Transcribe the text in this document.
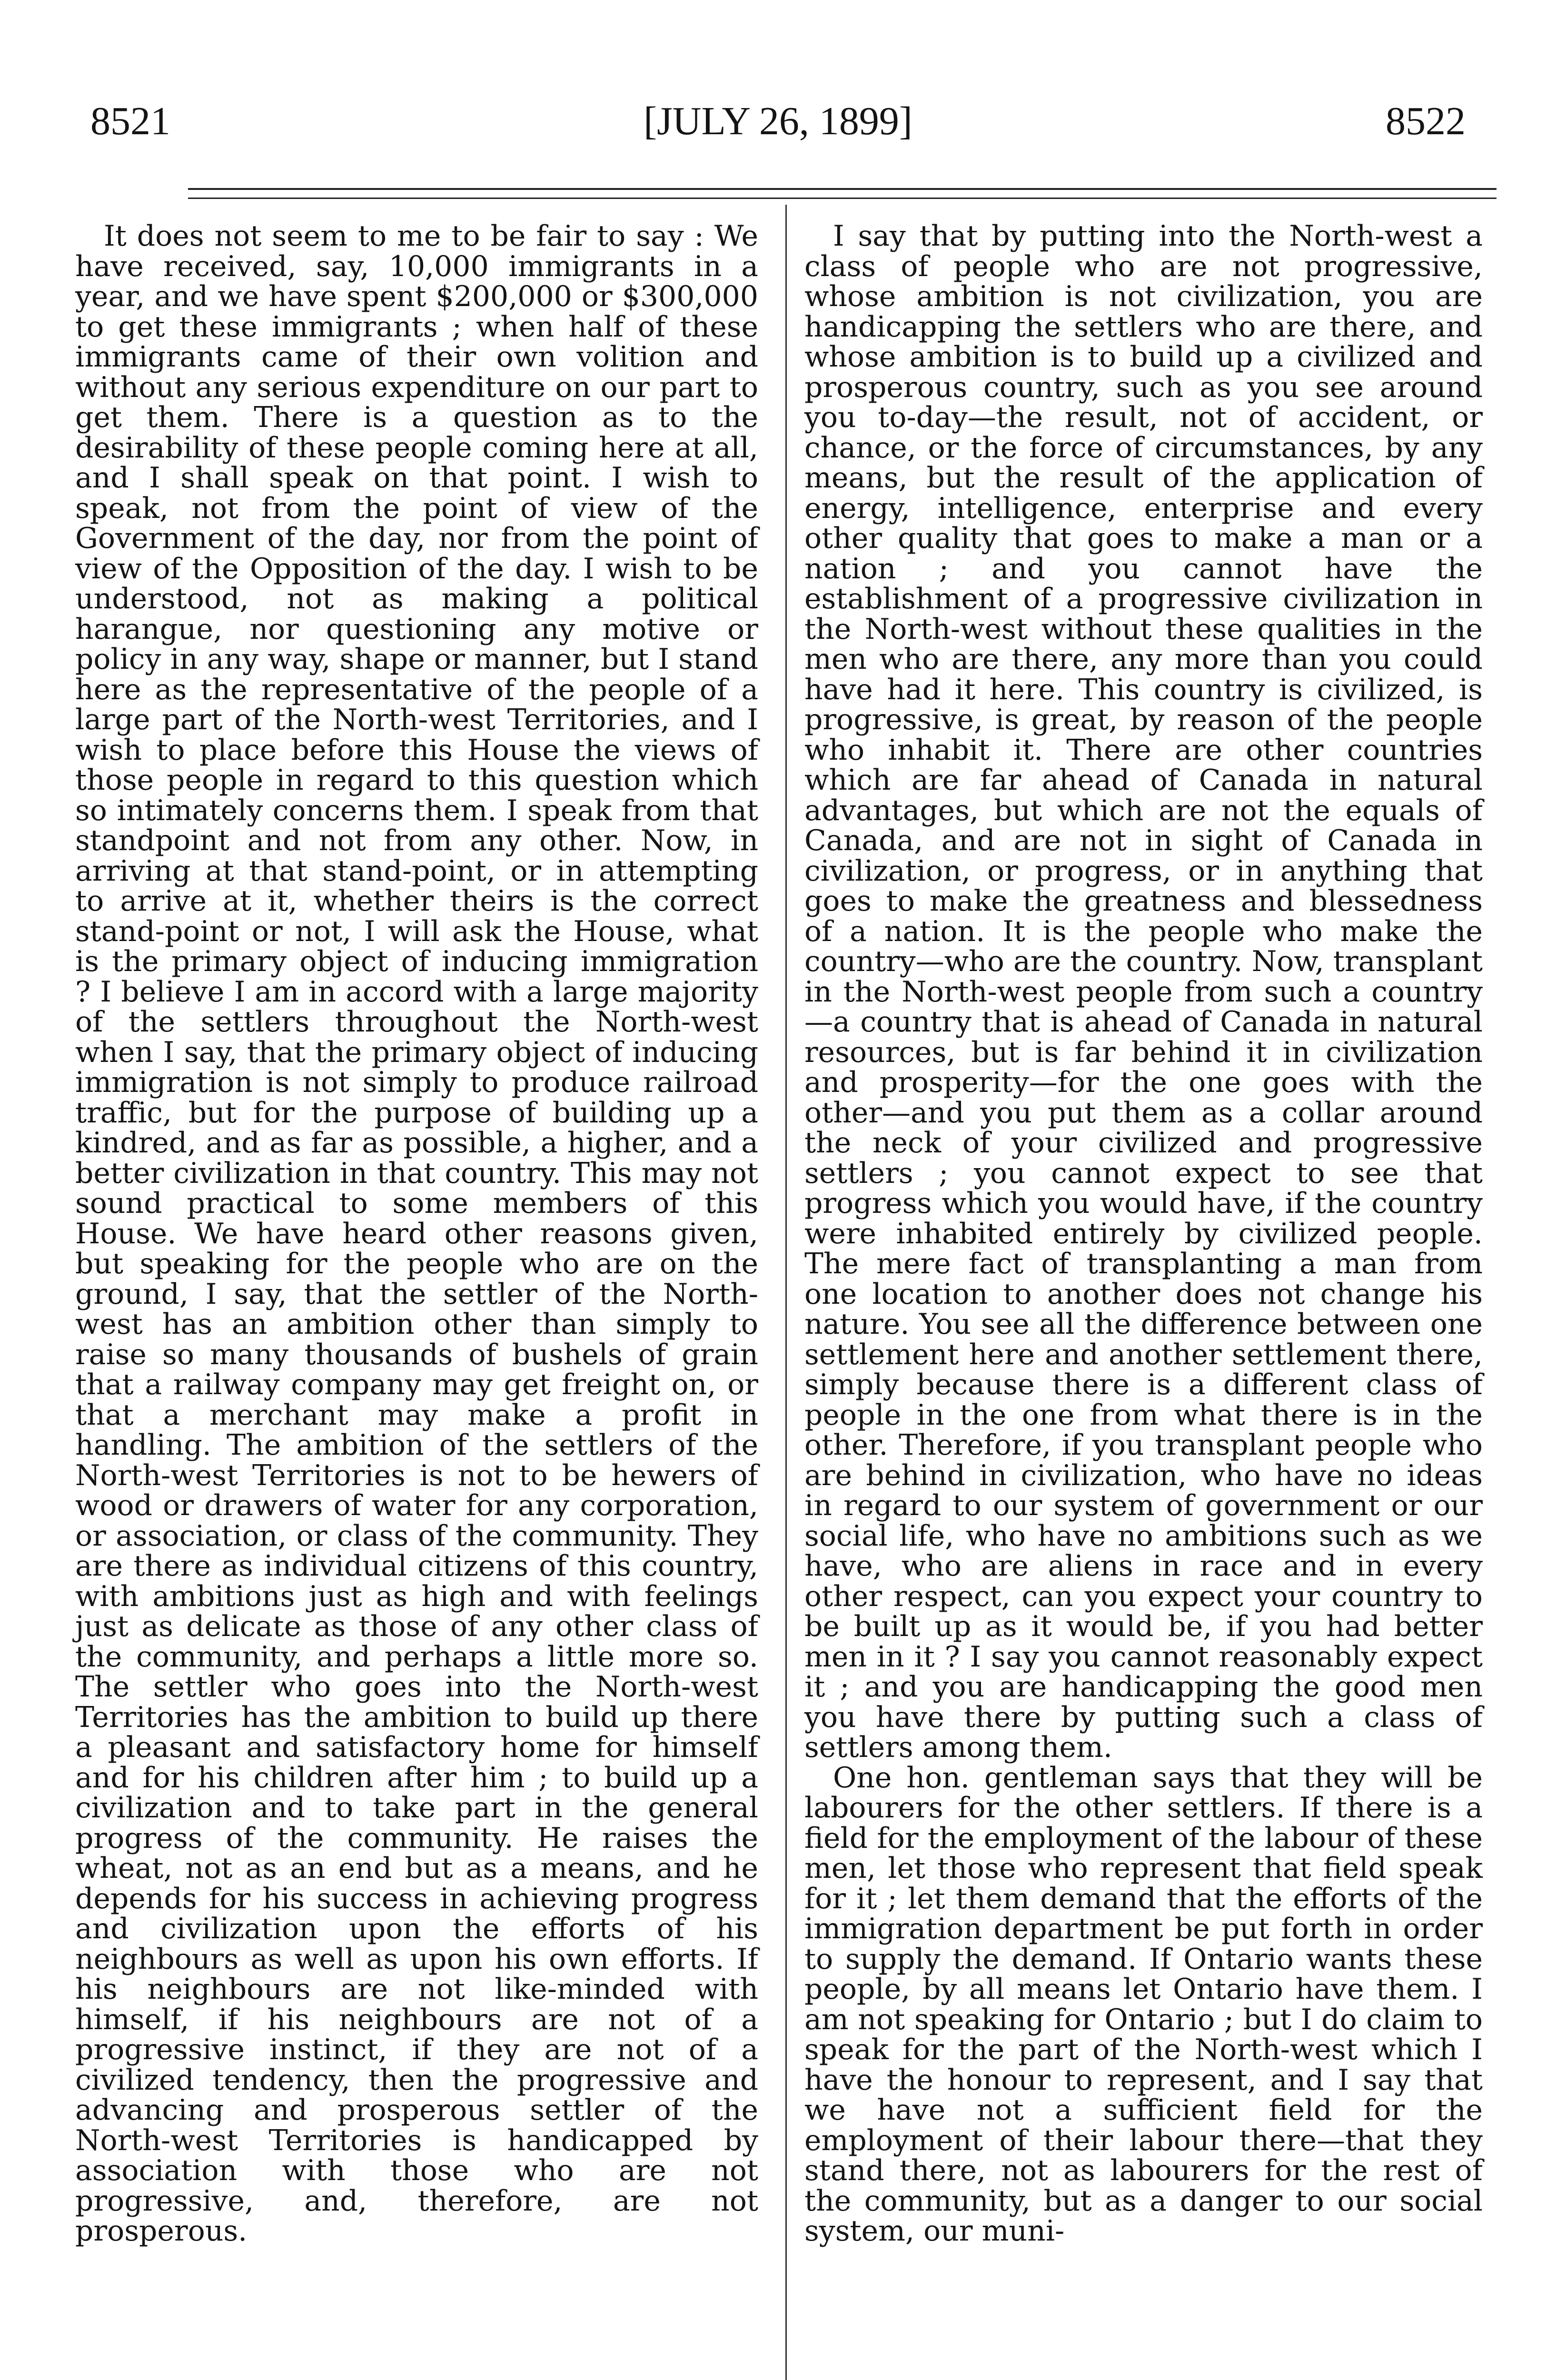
8521	[JULY 26, 1899]	8522

It does not seem to me to be fair to say : We have received, say, 10,000 immigrants in a year, and we have spent $200,000 or $300,000 to get these immigrants ; when half of these immigrants came of their own volition and without any serious expenditure on our part to get them. There is a question as to the desirability of these people coming here at all, and I shall speak on that point. I wish to speak, not from the point of view of the Government of the day, nor from the point of view of the Opposition of the day. I wish to be understood, not as making a political harangue, nor questioning any motive or policy in any way, shape or manner, but I stand here as the representative of the people of a large part of the North-west Territories, and I wish to place before this House the views of those people in regard to this question which so intimately concerns them. I speak from that standpoint and not from any other. Now, in arriving at that stand-point, or in attempting to arrive at it, whether theirs is the correct stand-point or not, I will ask the House, what is the primary object of inducing immigration ? I believe I am in accord with a large majority of the settlers throughout the North-west when I say, that the primary object of inducing immigration is not simply to produce railroad traffic, but for the purpose of building up a kindred, and as far as possible, a higher, and a better civilization in that country. This may not sound practical to some members of this House. We have heard other reasons given, but speaking for the people who are on the ground, I say, that the settler of the North-west has an ambition other than simply to raise so many thousands of bushels of grain that a railway company may get freight on, or that a merchant may make a profit in handling. The ambition of the settlers of the North-west Territories is not to be hewers of wood or drawers of water for any corporation, or association, or class of the community. They are there as individual citizens of this country, with ambitions just as high and with feelings just as delicate as those of any other class of the community, and perhaps a little more so. The settler who goes into the North-west Territories has the ambition to build up there a pleasant and satisfactory home for himself and for his children after him ; to build up a civilization and to take part in the general progress of the community. He raises the wheat, not as an end but as a means, and he depends for his success in achieving progress and civilization upon the efforts of his neighbours as well as upon his own efforts. If his neighbours are not like-minded with himself, if his neighbours are not of a progressive instinct, if they are not of a civilized tendency, then the progressive and advancing and prosperous settler of the North-west Territories is handicapped by association with those who are not progressive, and, therefore, are not prosperous.

I say that by putting into the North-west a class of people who are not progressive, whose ambition is not civilization, you are handicapping the settlers who are there, and whose ambition is to build up a civilized and prosperous country, such as you see around you to-day—the result, not of accident, or chance, or the force of circumstances, by any means, but the result of the application of energy, intelligence, enterprise and every other quality that goes to make a man or a nation ; and you cannot have the establishment of a progressive civilization in the North-west without these qualities in the men who are there, any more than you could have had it here. This country is civilized, is progressive, is great, by reason of the people who inhabit it. There are other countries which are far ahead of Canada in natural advantages, but which are not the equals of Canada, and are not in sight of Canada in civilization, or progress, or in anything that goes to make the greatness and blessedness of a nation. It is the people who make the country—who are the country. Now, transplant in the North-west people from such a country—a country that is ahead of Canada in natural resources, but is far behind it in civilization and prosperity—for the one goes with the other—and you put them as a collar around the neck of your civilized and progressive settlers ; you cannot expect to see that progress which you would have, if the country were inhabited entirely by civilized people. The mere fact of transplanting a man from one location to another does not change his nature. You see all the difference between one settlement here and another settlement there, simply because there is a different class of people in the one from what there is in the other. Therefore, if you transplant people who are behind in civilization, who have no ideas in regard to our system of government or our social life, who have no ambitions such as we have, who are aliens in race and in every other respect, can you expect your country to be built up as it would be, if you had better men in it ? I say you cannot reasonably expect it ; and you are handicapping the good men you have there by putting such a class of settlers among them.

One hon. gentleman says that they will be labourers for the other settlers. If there is a field for the employment of the labour of these men, let those who represent that field speak for it ; let them demand that the efforts of the immigration department be put forth in order to supply the demand. If Ontario wants these people, by all means let Ontario have them. I am not speaking for Ontario ; but I do claim to speak for the part of the North-west which I have the honour to represent, and I say that we have not a sufficient field for the employment of their labour there—that they stand there, not as labourers for the rest of the community, but as a danger to our social system, our muni-
